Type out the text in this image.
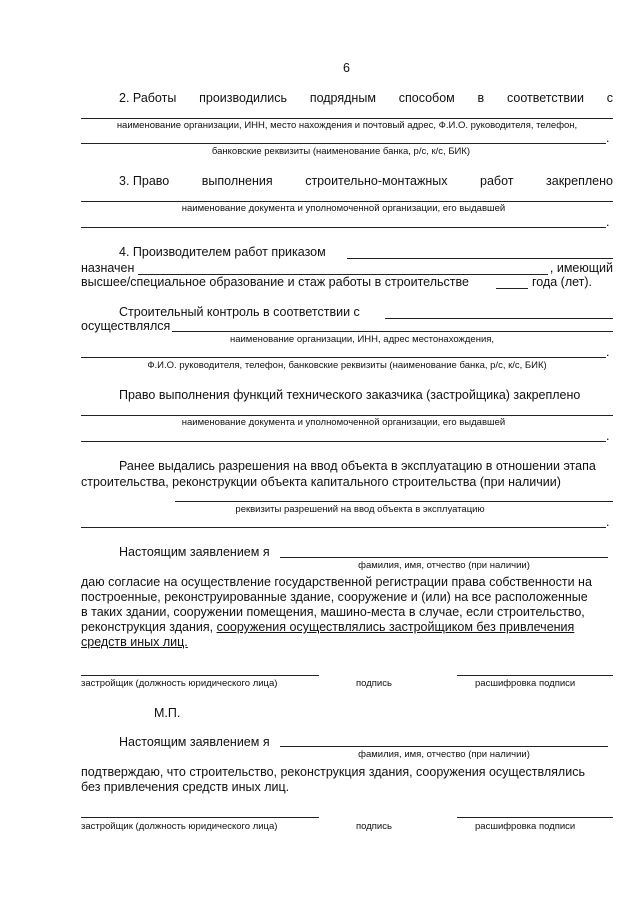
6
2. Работы производились подрядным способом в соответствии с
наименование организации, ИНН, место нахождения и почтовый адрес, Ф.И.О. руководителя, телефон,
.
банковские реквизиты (наименование банка, р/с, к/с, БИК)
3. Право	выполнения	строительно-монтажных	работ	закреплено
наименование документа и уполномоченной организации, его выдавшей
.
4. Производителем работ приказом
назначен	, имеющий
высшее/специальное образование и стаж работы в строительстве	года (лет).
Строительный контроль в соответствии с
осуществлялся
наименование организации, ИНН, адрес местонахождения,
.
Ф.И.О. руководителя, телефон, банковские реквизиты (наименование банка, р/с, к/с, БИК)
Право выполнения функций технического заказчика (застройщика) закреплено
наименование документа и уполномоченной организации, его выдавшей
.
Ранее выдались разрешения на ввод объекта в эксплуатацию в отношении этапа
строительства, реконструкции объекта капитального строительства (при наличии)
реквизиты разрешений на ввод объекта в эксплуатацию
.
Настоящим заявлением я
фамилия, имя, отчество (при наличии)
даю согласие на осуществление государственной регистрации права собственности на
построенные, реконструированные здание, сооружение и (или) на все расположенные
в таких здании, сооружении помещения, машино-места в случае, если строительство,
реконструкция здания, сооружения осуществлялись застройщиком без привлечения
средств иных лиц.
застройщик (должность юридического лица)	подпись	расшифровка подписи
М.П.
Настоящим заявлением я
фамилия, имя, отчество (при наличии)
подтверждаю, что строительство, реконструкция здания, сооружения осуществлялись
без привлечения средств иных лиц.
застройщик (должность юридического лица)	подпись	расшифровка подписи
